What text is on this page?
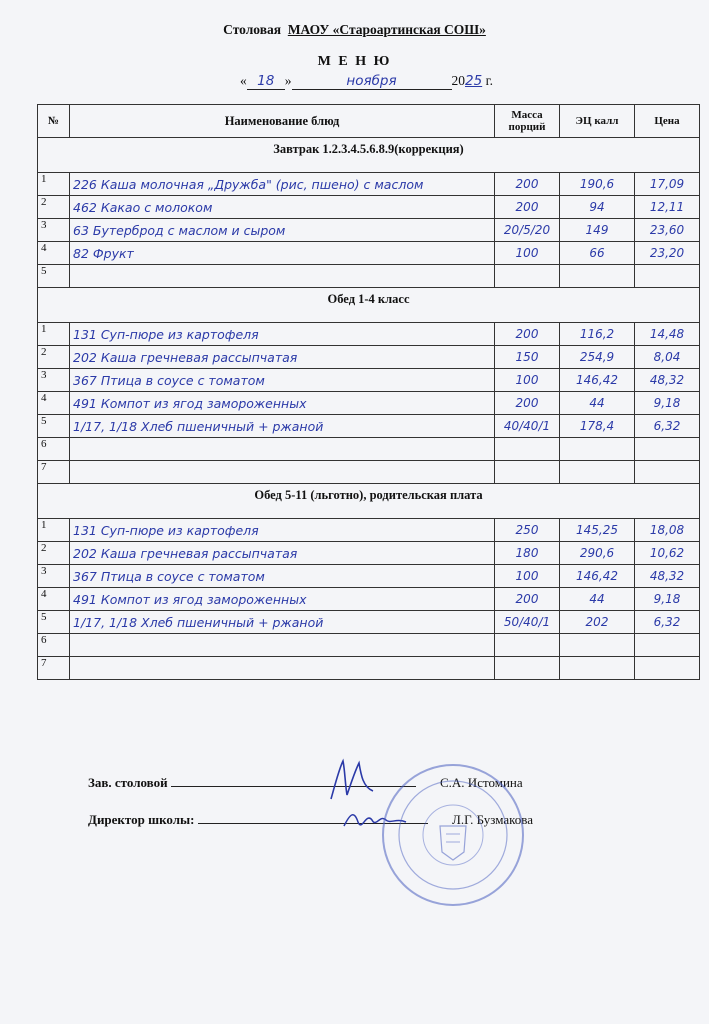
Столовая МАОУ «Староартинская СОШ»
М Е Н Ю
« 18 »	ноября	2025 г.
№	Наименование блюд	Масса порций	ЭЦ калл	Цена
Завтрак 1.2.3.4.5.6.8.9(коррекция)				

1	226 Каша молочная „Дружба" (рис, пшено) с маслом	200	190,6	17,09
2	462 Какао с молоком	200	94	12,11
3	63 Бутерброд с маслом и сыром	20/5/20	149	23,60
4	82 Фрукт	100	66	23,20
5				
Обед 1-4 класс				

1	131 Суп-пюре из картофеля	200	116,2	14,48
2	202 Каша гречневая рассыпчатая	150	254,9	8,04
3	367 Птица в соусе с томатом	100	146,42	48,32
4	491 Компот из ягод замороженных	200	44	9,18
5	1/17, 1/18 Хлеб пшеничный + ржаной	40/40/1	178,4	6,32
6				
7				
Обед 5-11 (льготно), родительская плата				

1	131 Суп-пюре из картофеля	250	145,25	18,08
2	202 Каша гречневая рассыпчатая	180	290,6	10,62
3	367 Птица в соусе с томатом	100	146,42	48,32
4	491 Компот из ягод замороженных	200	44	9,18
5	1/17, 1/18 Хлеб пшеничный + ржаной	50/40/1	202	6,32
6				
7				
Зав. столовой	С.А. Истомина
Директор школы:	Л.Г. Бузмакова
